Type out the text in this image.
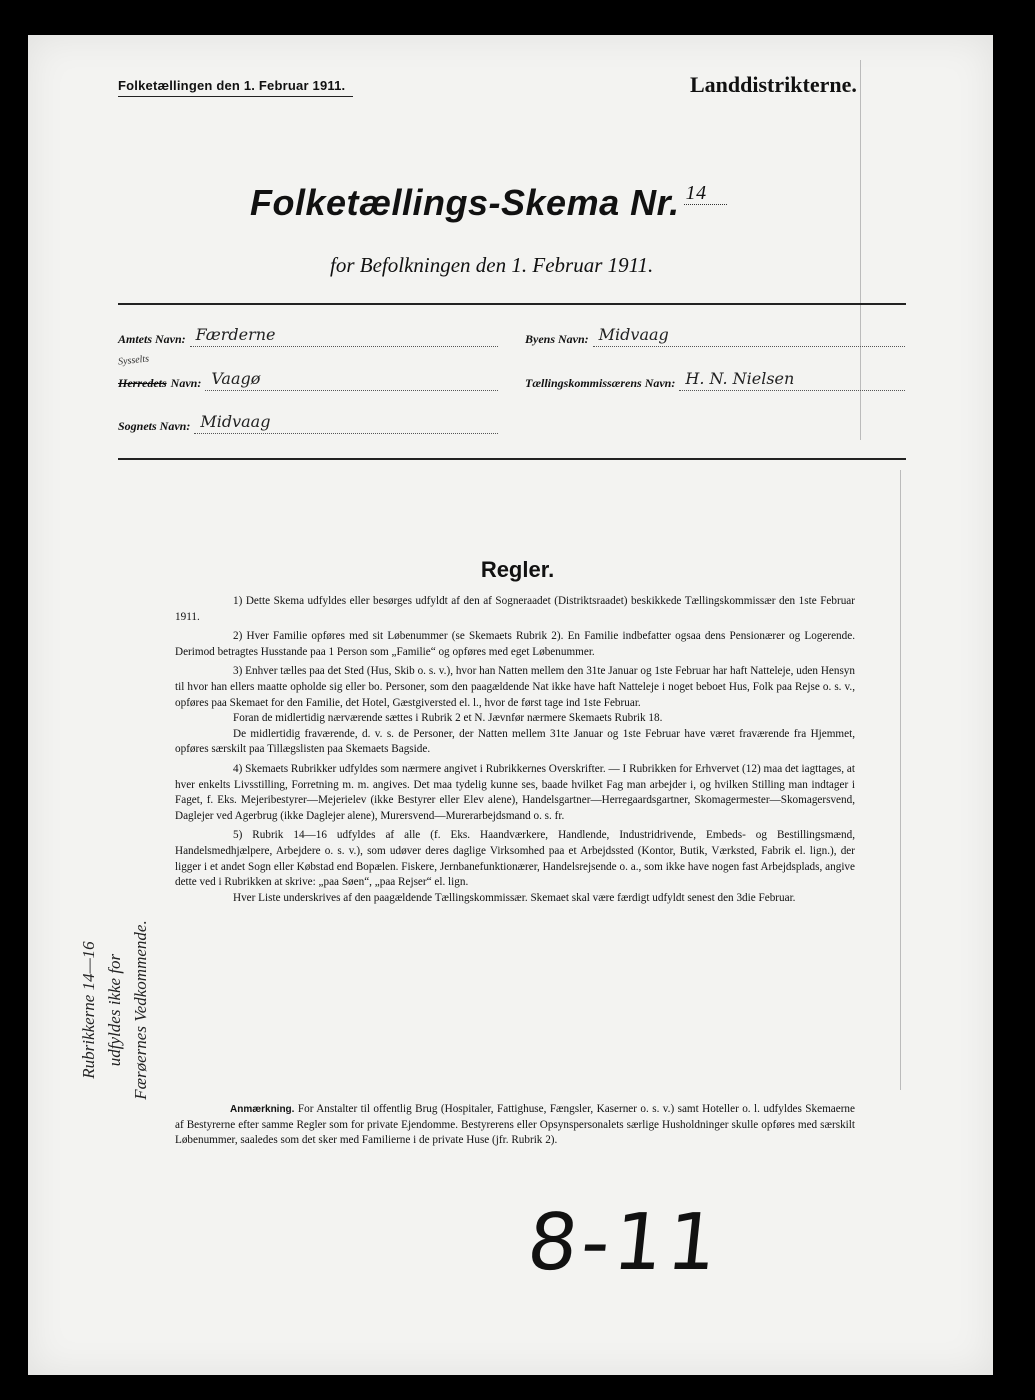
Folketællingen den 1. Februar 1911.	Landdistrikterne.
Folketællings-Skema Nr. $^{14}$
for Befolkningen den 1. Februar 1911.
Amtets Navn: Færderne
Sysselts
Herredets Navn: Vaagø
Sognets Navn: Midvaag
Byens Navn: Midvaag
Tællingskommissærens Navn: H. N. Nielsen
Regler.

1) Dette Skema udfyldes eller besørges udfyldt af den af Sogneraadet (Distriktsraadet) beskikkede Tællingskommissær den 1ste Februar 1911.

2) Hver Familie opføres med sit Løbenummer (se Skemaets Rubrik 2). En Familie indbefatter ogsaa dens Pensionærer og Logerende. Derimod betragtes Husstande paa 1 Person som „Familie“ og opføres med eget Løbenummer.

3) Enhver tælles paa det Sted (Hus, Skib o. s. v.), hvor han Natten mellem den 31te Januar og 1ste Februar har haft Natteleje, uden Hensyn til hvor han ellers maatte opholde sig eller bo. Personer, som den paagældende Nat ikke have haft Natteleje i noget beboet Hus, Folk paa Rejse o. s. v., opføres paa Skemaet for den Familie, det Hotel, Gæstgiversted el. l., hvor de først tage ind 1ste Februar.

Foran de midlertidig nærværende sættes i Rubrik 2 et N. Jævnfør nærmere Skemaets Rubrik 18.

De midlertidig fraværende, d. v. s. de Personer, der Natten mellem 31te Januar og 1ste Februar have været fraværende fra Hjemmet, opføres særskilt paa Tillægslisten paa Skemaets Bagside.

4) Skemaets Rubrikker udfyldes som nærmere angivet i Rubrikkernes Overskrifter. — I Rubrikken for Erhvervet (12) maa det iagttages, at hver enkelts Livsstilling, Forretning m. m. angives. Det maa tydelig kunne ses, baade hvilket Fag man arbejder i, og hvilken Stilling man indtager i Faget, f. Eks. Mejeribestyrer—Mejerielev (ikke Bestyrer eller Elev alene), Handelsgartner—Herregaardsgartner, Skomagermester—Skomagersvend, Daglejer ved Agerbrug (ikke Daglejer alene), Murersvend—Murerarbejdsmand o. s. fr.

5) Rubrik 14—16 udfyldes af alle (f. Eks. Haandværkere, Handlende, Industridrivende, Embeds- og Bestillingsmænd, Handelsmedhjælpere, Arbejdere o. s. v.), som udøver deres daglige Virksomhed paa et Arbejdssted (Kontor, Butik, Værksted, Fabrik el. lign.), der ligger i et andet Sogn eller Købstad end Bopælen. Fiskere, Jernbanefunktionærer, Handelsrejsende o. a., som ikke have nogen fast Arbejdsplads, angive dette ved i Rubrikken at skrive: „paa Søen“, „paa Rejser“ el. lign.

Hver Liste underskrives af den paagældende Tællingskommissær. Skemaet skal være færdigt udfyldt senest den 3die Februar.

Anmærkning. For Anstalter til offentlig Brug (Hospitaler, Fattighuse, Fængsler, Kaserner o. s. v.) samt Hoteller o. l. udfyldes Skemaerne af Bestyrerne efter samme Regler som for private Ejendomme. Bestyrerens eller Opsynspersonalets særlige Husholdninger skulle opføres med særskilt Løbenummer, saaledes som det sker med Familierne i de private Huse (jfr. Rubrik 2).
Rubrikkerne 14—16 udfyldes ikke for Færøernes Vedkommende.
8-11
